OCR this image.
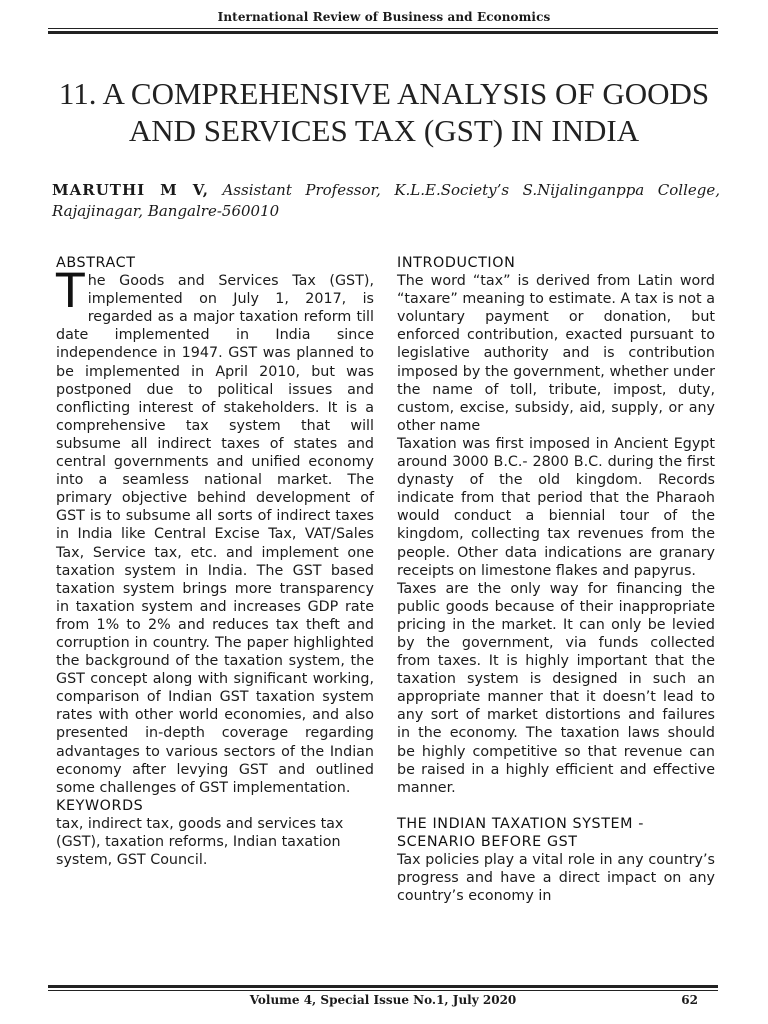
International Review of Business and Economics
11. A COMPREHENSIVE ANALYSIS OF GOODS AND SERVICES TAX (GST) IN INDIA
MARUTHI M V, Assistant Professor, K.L.E.Society’s S.Nijalinganppa College, Rajajinagar, Bangalre-560010
ABSTRACT

The Goods and Services Tax (GST), implemented on July 1, 2017, is regarded as a major taxation reform till date implemented in India since independence in 1947. GST was planned to be implemented in April 2010, but was postponed due to political issues and conflicting interest of stakeholders. It is a comprehensive tax system that will subsume all indirect taxes of states and central governments and unified economy into a seamless national market. The primary objective behind development of GST is to subsume all sorts of indirect taxes in India like Central Excise Tax, VAT/Sales Tax, Service tax, etc. and implement one taxation system in India. The GST based taxation system brings more transparency in taxation system and increases GDP rate from 1% to 2% and reduces tax theft and corruption in country. The paper highlighted the background of the taxation system, the GST concept along with significant working, comparison of Indian GST taxation system rates with other world economies, and also presented in-depth coverage regarding advantages to various sectors of the Indian economy after levying GST and outlined some challenges of GST implementation.

KEYWORDS

tax, indirect tax, goods and services tax (GST), taxation reforms, Indian taxation system, GST Council.

INTRODUCTION

The word “tax” is derived from Latin word “taxare” meaning to estimate. A tax is not a voluntary payment or donation, but enforced contribution, exacted pursuant to legislative authority and is contribution imposed by the government, whether under the name of toll, tribute, impost, duty, custom, excise, subsidy, aid, supply, or any other name

Taxation was first imposed in Ancient Egypt around 3000 B.C.- 2800 B.C. during the first dynasty of the old kingdom. Records indicate from that period that the Pharaoh would conduct a biennial tour of the kingdom, collecting tax revenues from the people. Other data indications are granary receipts on limestone flakes and papyrus.

Taxes are the only way for financing the public goods because of their inappropriate pricing in the market. It can only be levied by the government, via funds collected from taxes. It is highly important that the taxation system is designed in such an appropriate manner that it doesn’t lead to any sort of market distortions and failures in the economy. The taxation laws should be highly competitive so that revenue can be raised in a highly efficient and effective manner.

THE INDIAN TAXATION SYSTEM - SCENARIO BEFORE GST

Tax policies play a vital role in any country’s progress and have a direct impact on any country’s economy in

Volume 4, Special Issue No.1, July 2020	62
